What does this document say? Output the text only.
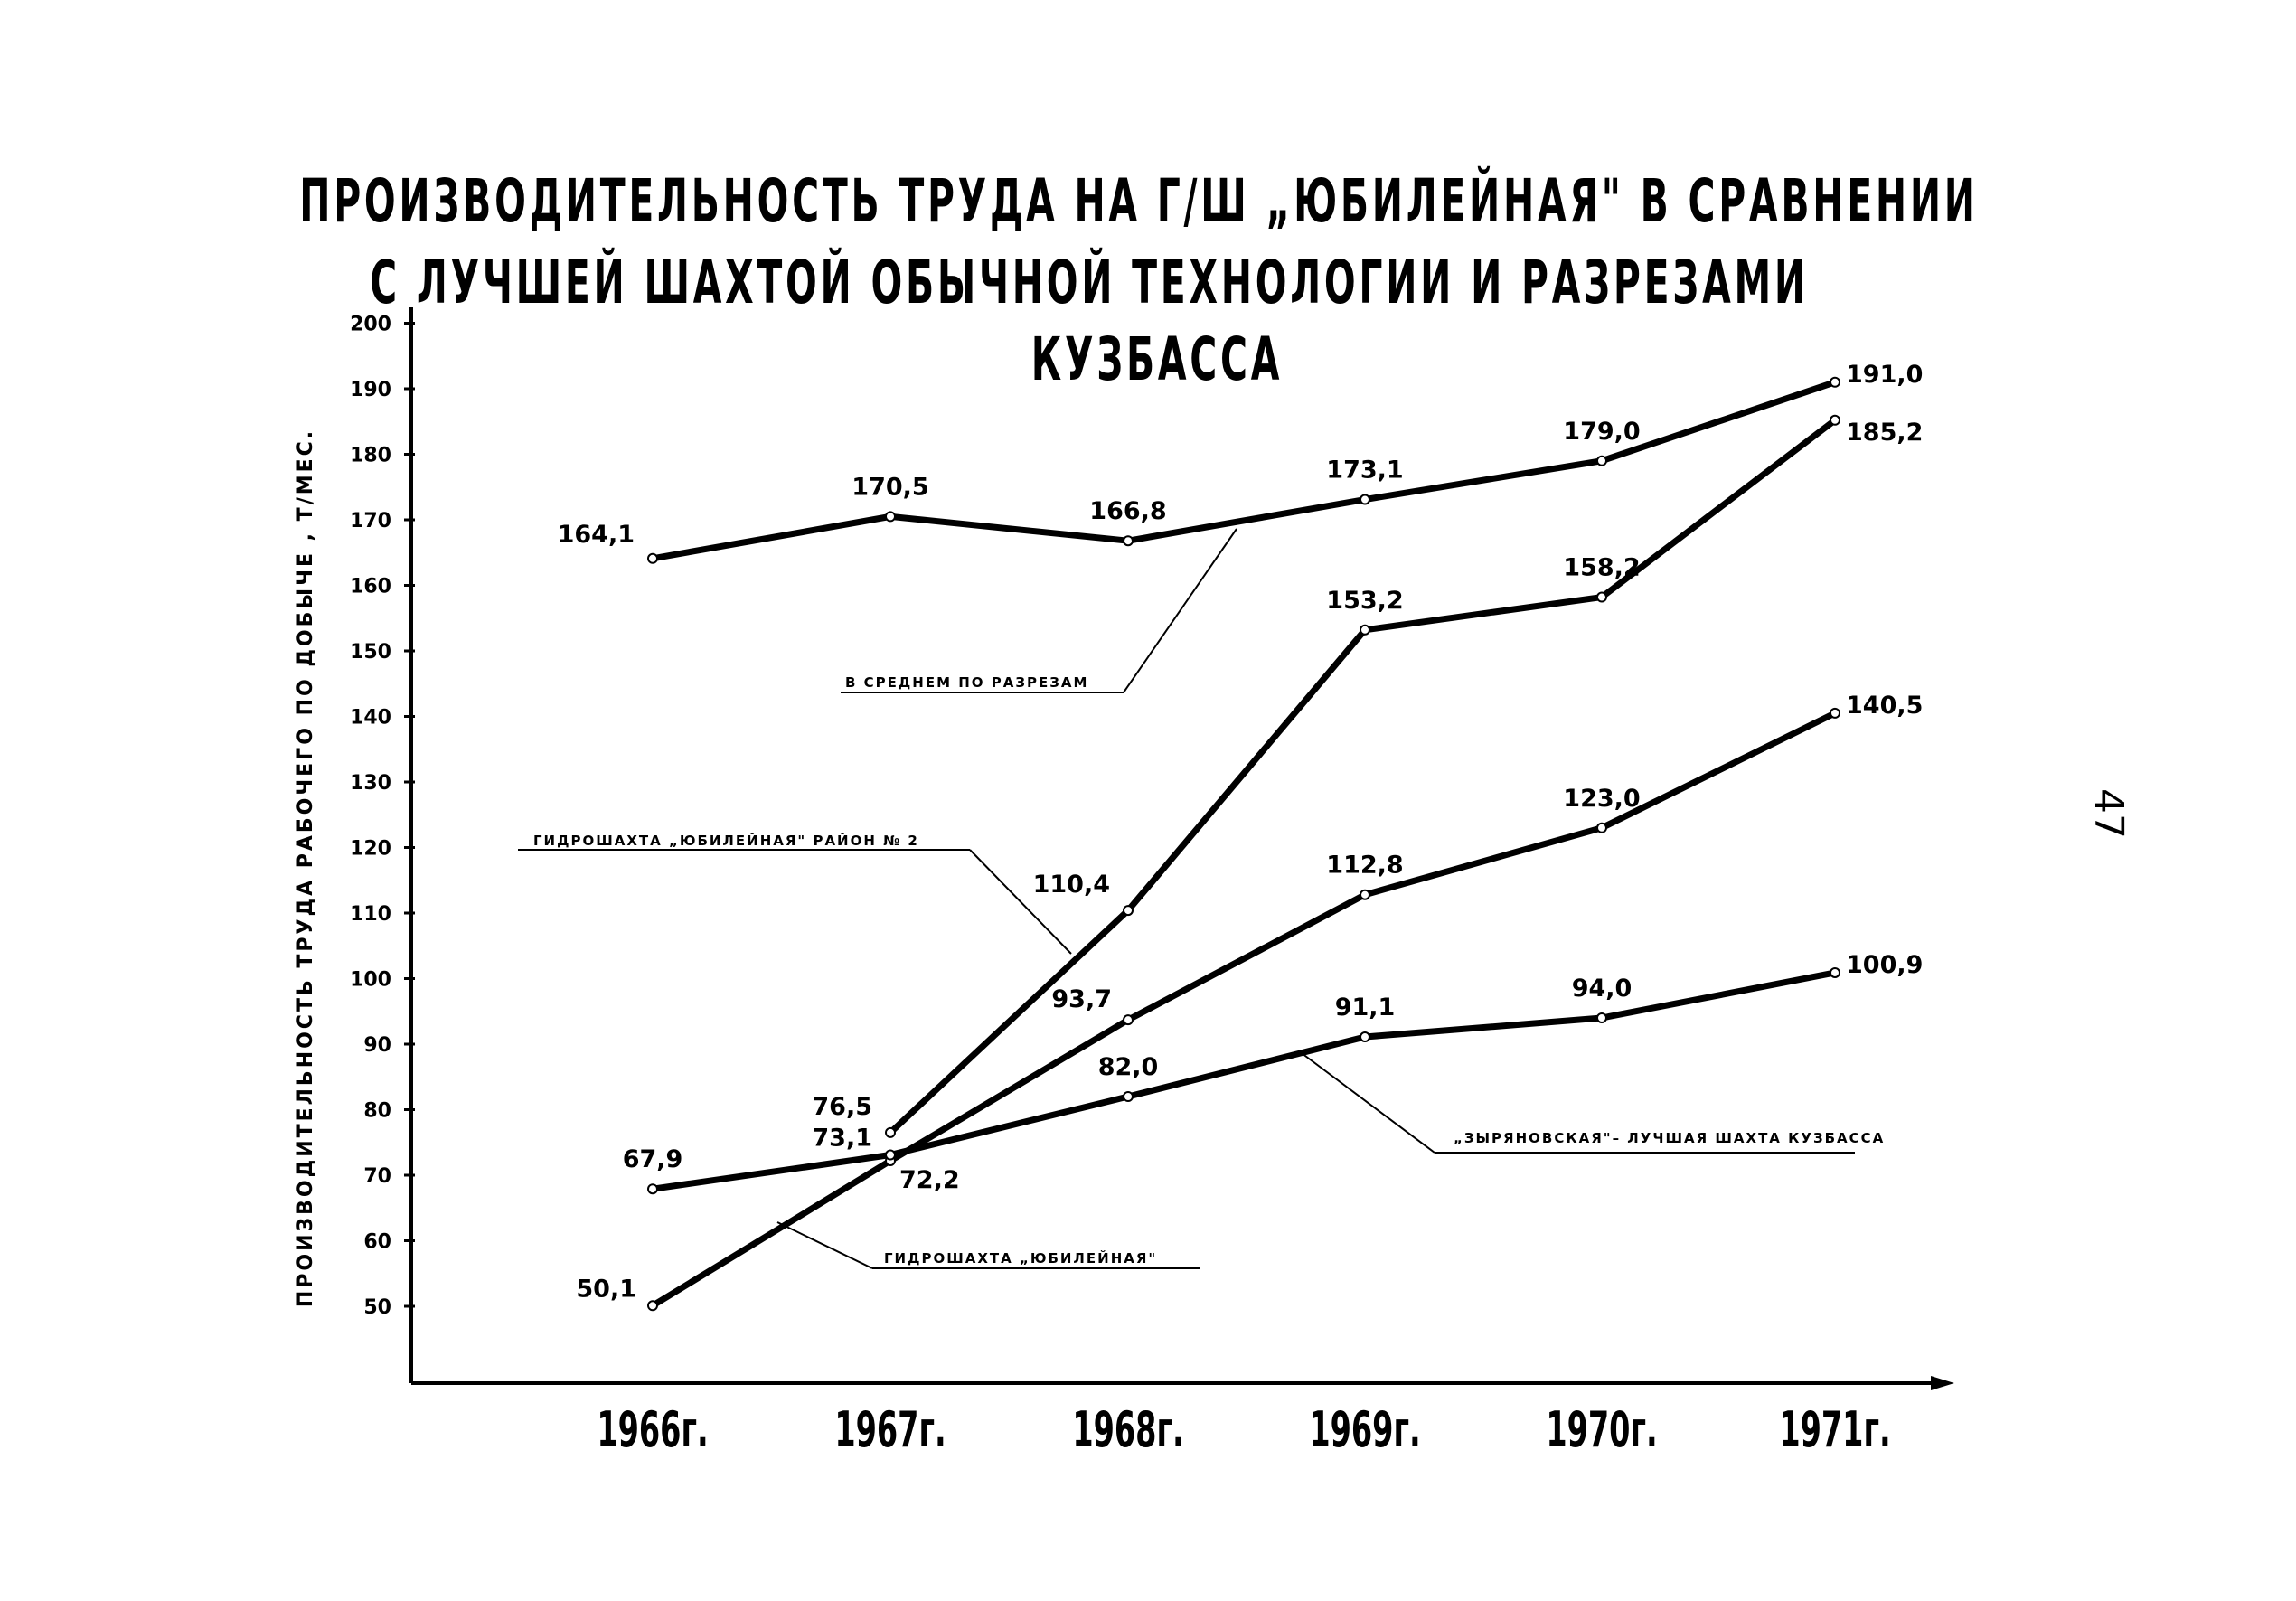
ПРОИЗВОДИТЕЛЬНОСТЬ ТРУДА НА Г/Ш „ЮБИЛЕЙНАЯ" В СРАВНЕНИИ
С ЛУЧШЕЙ ШАХТОЙ ОБЫЧНОЙ ТЕХНОЛОГИИ И РАЗРЕЗАМИ
КУЗБАССА
50
60
70
80
90
100
110
120
130
140
150
160
170
180
190
200
1966г.	1967г.	1968г.	1969г.	1970г. 1971г.
164,1
170,5
166,8
173,1
179,0
191,0
76,5
110,4
153,2
158,2
185,2
50,1
72,2
93,7
112,8
123,0
140,5
67,9
73,1
82,0
91,1
94,0
100,9
В СРЕДНЕМ ПО РАЗРЕЗАМ
ГИДРОШАХТА „ЮБИЛЕЙНАЯ" РАЙОН № 2
ГИДРОШАХТА „ЮБИЛЕЙНАЯ"
„ЗЫРЯНОВСКАЯ"– ЛУЧШАЯ ШАХТА КУЗБАССА
ПРОИЗВОДИТЕЛЬНОСТЬ ТРУДА РАБОЧЕГО ПО ДОБЫЧЕ , Т/МЕС.	47
